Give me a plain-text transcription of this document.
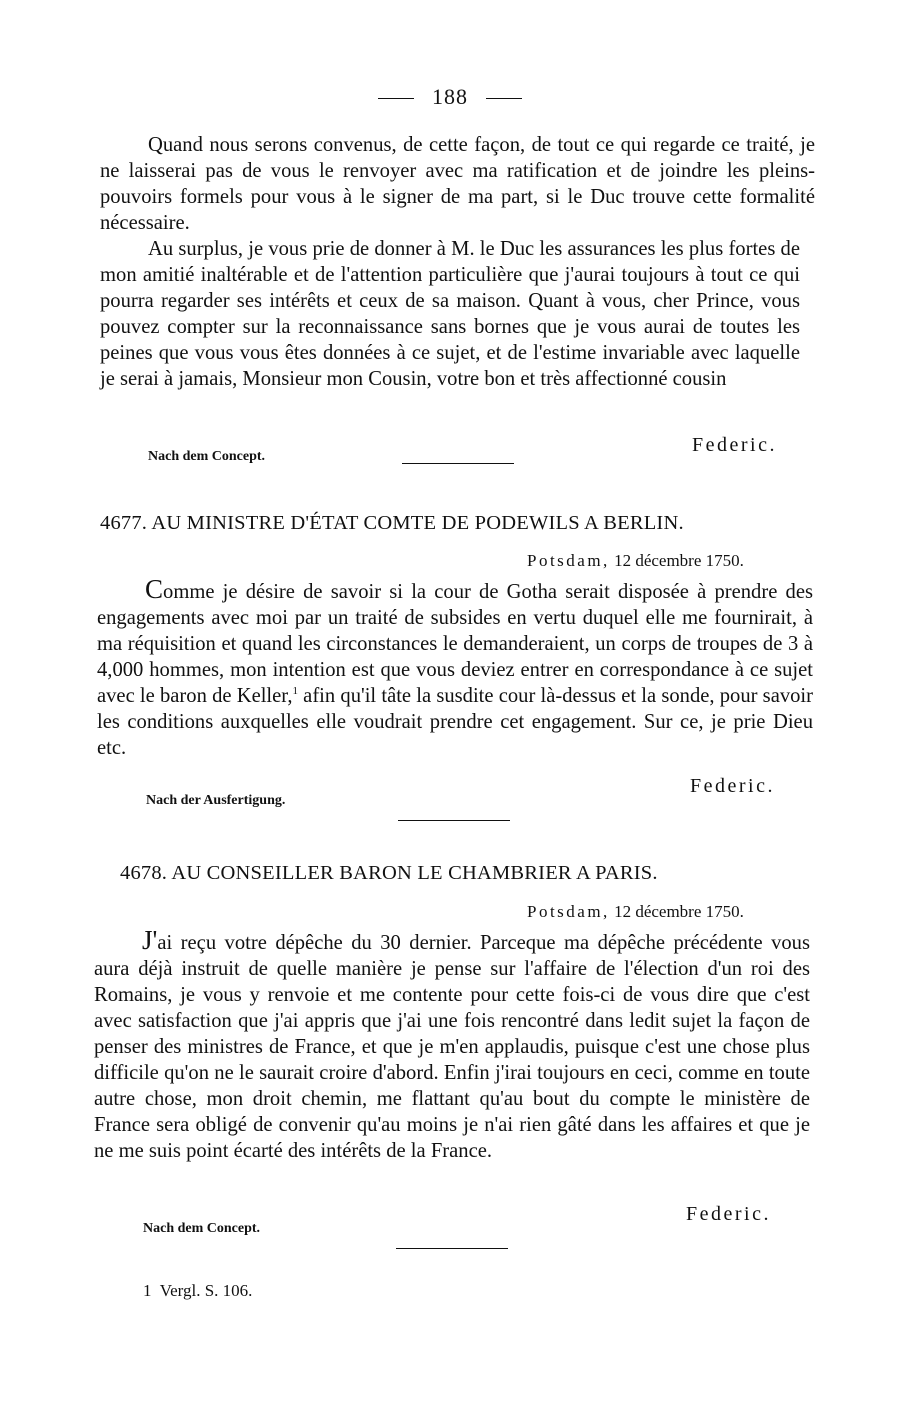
188

Quand nous serons convenus, de cette façon, de tout ce qui regarde ce traité, je ne laisserai pas de vous le renvoyer avec ma ratification et de joindre les pleins-pouvoirs formels pour vous à le signer de ma part, si le Duc trouve cette formalité nécessaire.

Au surplus, je vous prie de donner à M. le Duc les assurances les plus fortes de mon amitié inaltérable et de l'attention particulière que j'aurai toujours à tout ce qui pourra regarder ses intérêts et ceux de sa maison. Quant à vous, cher Prince, vous pouvez compter sur la reconnaissance sans bornes que je vous aurai de toutes les peines que vous vous êtes données à ce sujet, et de l'estime invariable avec laquelle je serai à jamais, Monsieur mon Cousin, votre bon et très affectionné cousin

Federic.
Nach dem Concept.
4677. AU MINISTRE D'ÉTAT COMTE DE PODEWILS A BERLIN.
Potsdam, 12 décembre 1750.

Comme je désire de savoir si la cour de Gotha serait disposée à prendre des engagements avec moi par un traité de subsides en vertu duquel elle me fournirait, à ma réquisition et quand les circonstances le demanderaient, un corps de troupes de 3 à 4,000 hommes, mon intention est que vous deviez entrer en correspondance à ce sujet avec le baron de Keller,$^1$ afin qu'il tâte la susdite cour là-dessus et la sonde, pour savoir les conditions auxquelles elle voudrait prendre cet engagement. Sur ce, je prie Dieu etc.

Federic.
Nach der Ausfertigung.
4678. AU CONSEILLER BARON LE CHAMBRIER A PARIS.
Potsdam, 12 décembre 1750.

J'ai reçu votre dépêche du 30 dernier. Parceque ma dépêche précédente vous aura déjà instruit de quelle manière je pense sur l'affaire de l'élection d'un roi des Romains, je vous y renvoie et me contente pour cette fois-ci de vous dire que c'est avec satisfaction que j'ai appris que j'ai une fois rencontré dans ledit sujet la façon de penser des ministres de France, et que je m'en applaudis, puisque c'est une chose plus difficile qu'on ne le saurait croire d'abord. Enfin j'irai toujours en ceci, comme en toute autre chose, mon droit chemin, me flattant qu'au bout du compte le ministère de France sera obligé de convenir qu'au moins je n'ai rien gâté dans les affaires et que je ne me suis point écarté des intérêts de la France.

Federic.
Nach dem Concept.
1 Vergl. S. 106.
